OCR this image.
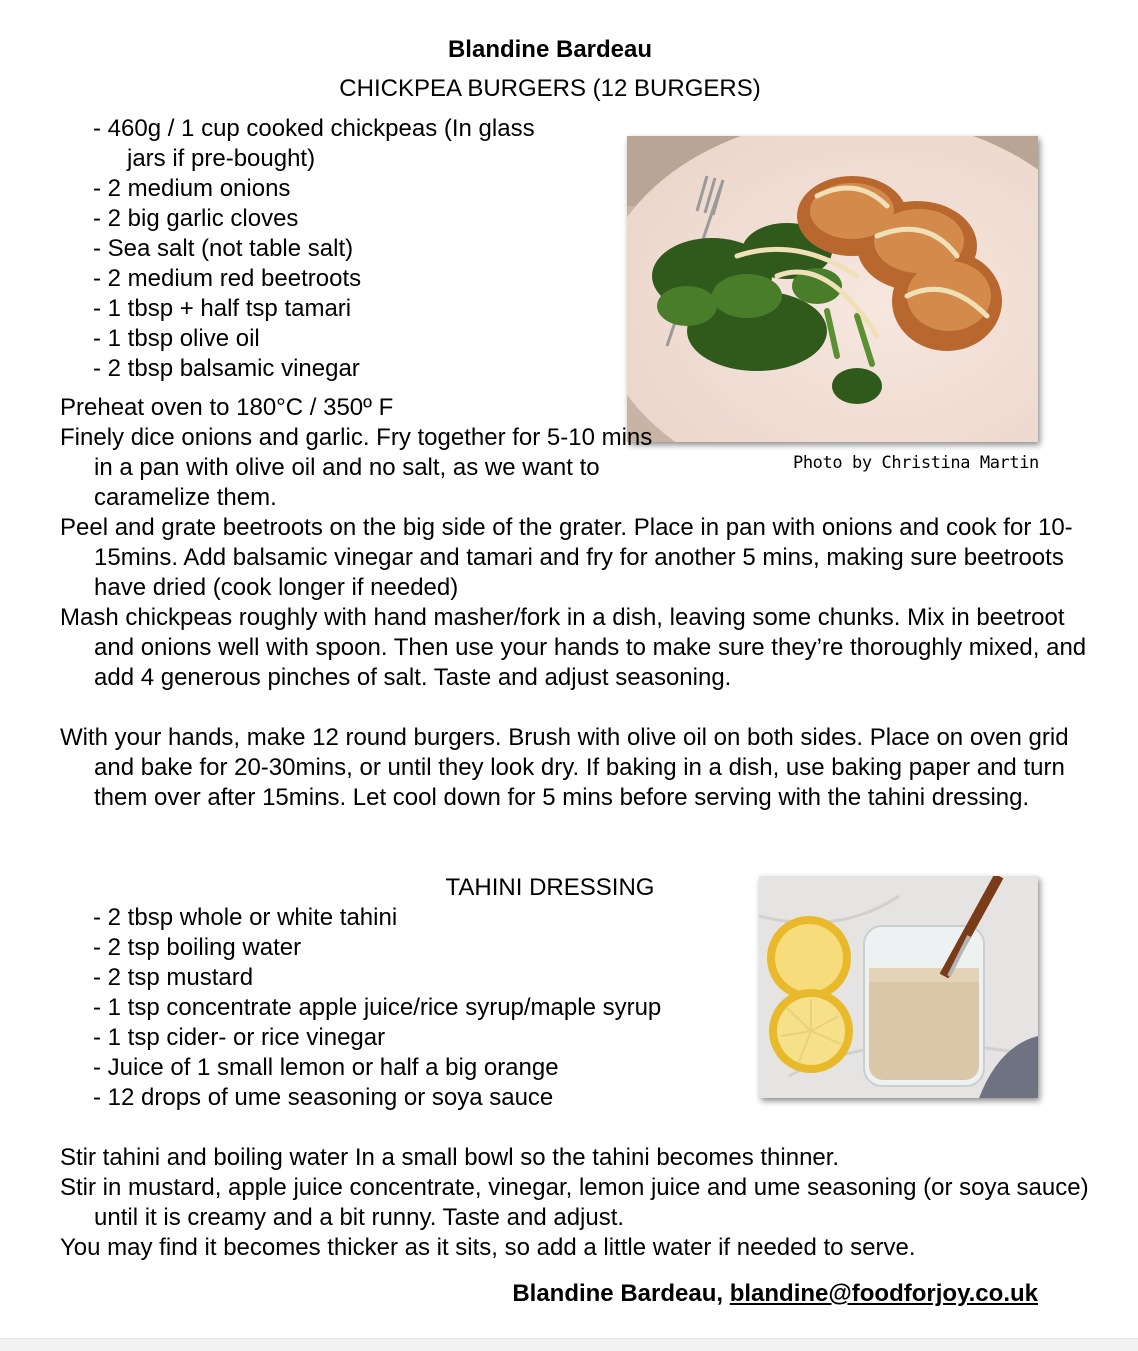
Blandine Bardeau
CHICKPEA BURGERS (12 BURGERS)
- 460g / 1 cup cooked chickpeas (In glass
jars if pre-bought)
- 2 medium onions
- 2 big garlic cloves
- Sea salt (not table salt)
- 2 medium red beetroots
- 1 tbsp + half tsp tamari
- 1 tbsp olive oil
- 2 tbsp balsamic vinegar
Photo by Christina Martin

Preheat oven to 180°C / 350º F

Finely dice onions and garlic. Fry together for 5-10 mins in a pan with olive oil and no salt, as we want to caramelize them.

Peel and grate beetroots on the big side of the grater. Place in pan with onions and cook for 10-15mins. Add balsamic vinegar and tamari and fry for another 5 mins, making sure beetroots have dried (cook longer if needed)

Mash chickpeas roughly with hand masher/fork in a dish, leaving some chunks. Mix in beetroot and onions well with spoon. Then use your hands to make sure they’re thoroughly mixed, and add 4 generous pinches of salt. Taste and adjust seasoning.

With your hands, make 12 round burgers. Brush with olive oil on both sides. Place on oven grid and bake for 20-30mins, or until they look dry. If baking in a dish, use baking paper and turn them over after 15mins. Let cool down for 5 mins before serving with the tahini dressing.

TAHINI DRESSING
- 2 tbsp whole or white tahini
- 2 tsp boiling water
- 2 tsp mustard
- 1 tsp concentrate apple juice/rice syrup/maple syrup
- 1 tsp cider- or rice vinegar
- Juice of 1 small lemon or half a big orange
- 12 drops of ume seasoning or soya sauce

Stir tahini and boiling water In a small bowl so the tahini becomes thinner.

Stir in mustard, apple juice concentrate, vinegar, lemon juice and ume seasoning (or soya sauce) until it is creamy and a bit runny. Taste and adjust.

You may find it becomes thicker as it sits, so add a little water if needed to serve.

Blandine Bardeau, blandine@foodforjoy.co.uk
